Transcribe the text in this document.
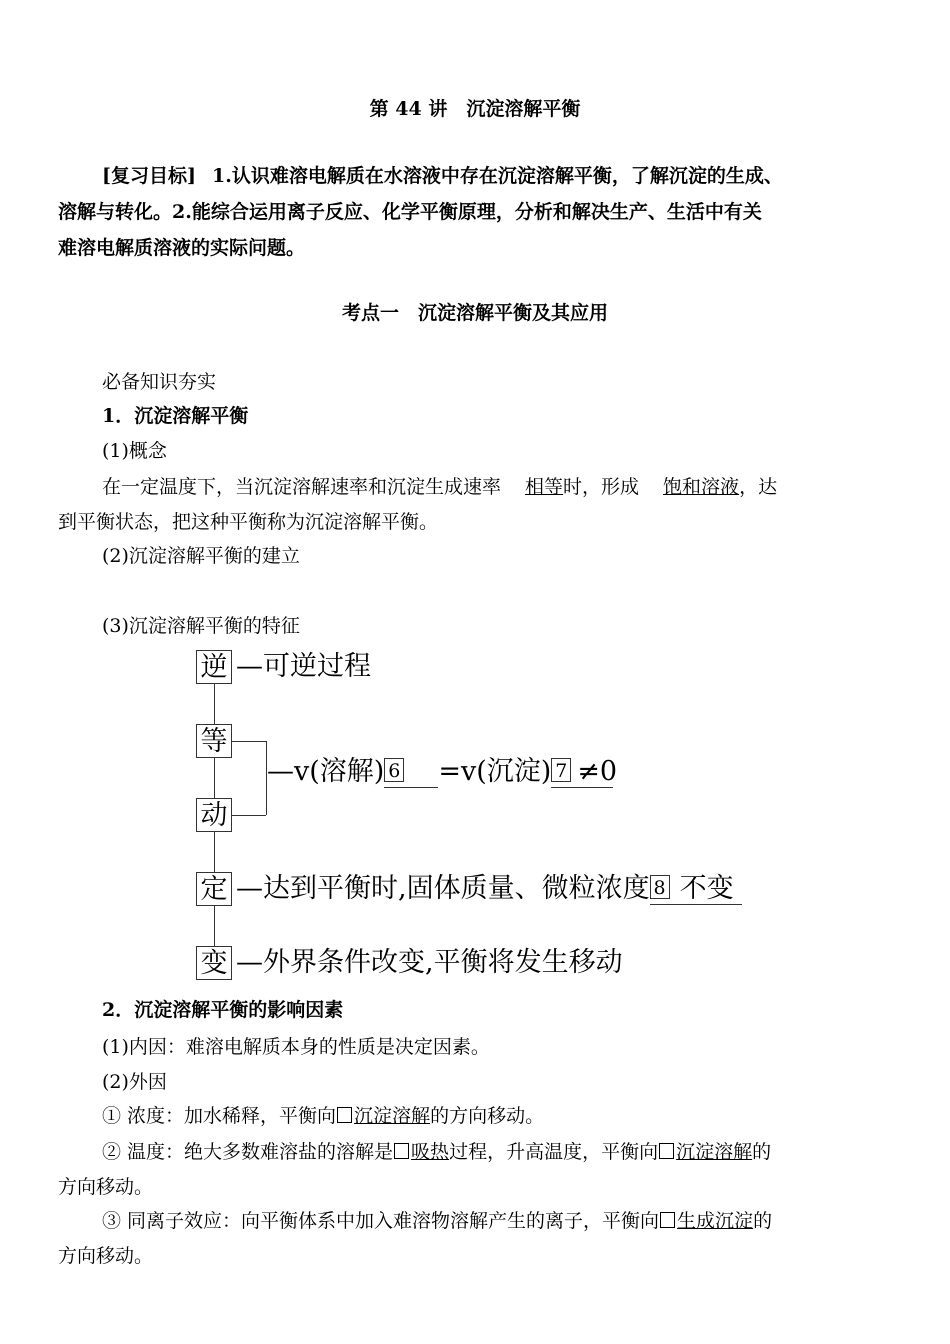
第 44 讲　沉淀溶解平衡
[复习目标] 1.认识难溶电解质在水溶液中存在沉淀溶解平衡，了解沉淀的生成、
溶解与转化。2.能综合运用离子反应、化学平衡原理，分析和解决生产、生活中有关
难溶电解质溶液的实际问题。
考点一　沉淀溶解平衡及其应用
必备知识夯实
1．沉淀溶解平衡
(1)概念
在一定温度下，当沉淀溶解速率和沉淀生成速率 相等时，形成 饱和溶液，达
到平衡状态，把这种平衡称为沉淀溶解平衡。
(2)沉淀溶解平衡的建立
(3)沉淀溶解平衡的特征
逆 —可逆过程
等
动
—v(溶解) 6 =v(沉淀) 7 ≠0
定 —达到平衡时,固体质量、微粒浓度 8 不变
变 —外界条件改变,平衡将发生移动
2．沉淀溶解平衡的影响因素
(1)内因：难溶电解质本身的性质是决定因素。
(2)外因
① 浓度：加水稀释，平衡向 沉淀溶解的方向移动。
② 温度：绝大多数难溶盐的溶解是 吸热过程，升高温度，平衡向 沉淀溶解的
方向移动。
③ 同离子效应：向平衡体系中加入难溶物溶解产生的离子，平衡向 生成沉淀的
方向移动。
